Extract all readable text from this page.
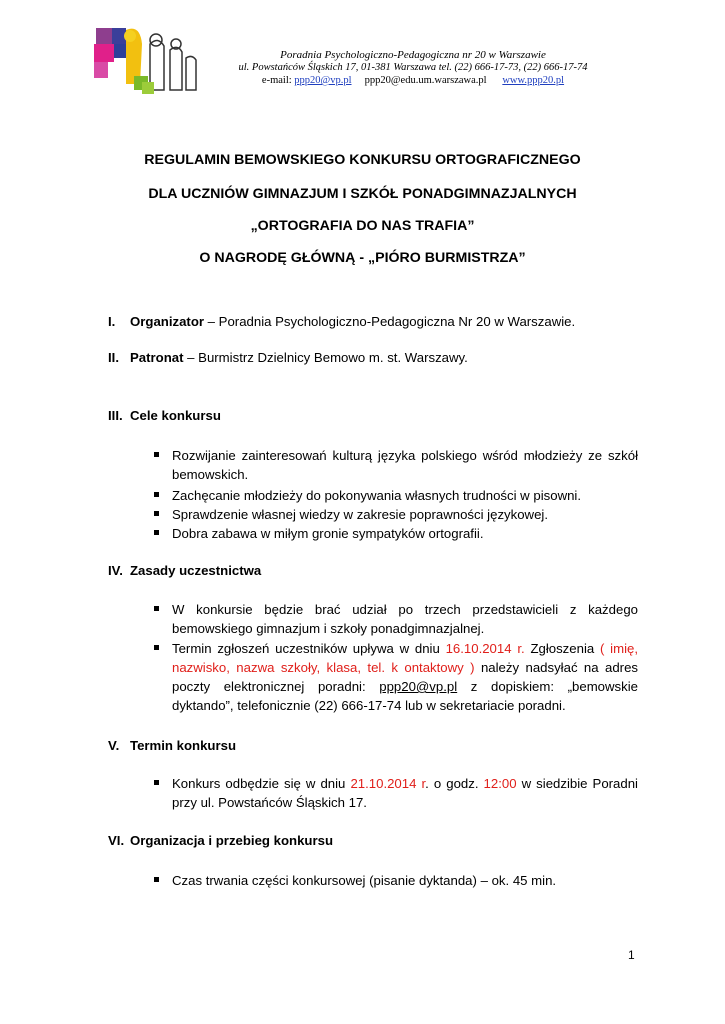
Poradnia Psychologiczno-Pedagogiczna nr 20 w Warszawie
ul. Powstańców Śląskich 17, 01-381 Warszawa tel. (22) 666-17-73, (22) 666-17-74
e-mail: ppp20@vp.pl ppp20@edu.um.warszawa.pl www.ppp20.pl
REGULAMIN BEMOWSKIEGO KONKURSU ORTOGRAFICZNEGO
DLA UCZNIÓW GIMNAZJUM I SZKÓŁ PONADGIMNAZJALNYCH
„ORTOGRAFIA DO NAS TRAFIA”
O NAGRODĘ GŁÓWNĄ - „PIÓRO BURMISTRZA”
I. Organizator – Poradnia Psychologiczno-Pedagogiczna Nr 20 w Warszawie.
II. Patronat – Burmistrz Dzielnicy Bemowo m. st. Warszawy.
III. Cele konkursu
Rozwijanie zainteresowań kulturą języka polskiego wśród młodzieży ze szkół bemowskich.
Zachęcanie młodzieży do pokonywania własnych trudności w pisowni.
Sprawdzenie własnej wiedzy w zakresie poprawności językowej.
Dobra zabawa w miłym gronie sympatyków ortografii.
IV. Zasady uczestnictwa
W konkursie będzie brać udział po trzech przedstawicieli z każdego bemowskiego gimnazjum i szkoły ponadgimnazjalnej.
Termin zgłoszeń uczestników upływa w dniu 16.10.2014 r. Zgłoszenia ( imię, nazwisko, nazwa szkoły, klasa, tel. k ontaktowy ) należy nadsyłać na adres poczty elektronicznej poradni: ppp20@vp.pl z dopiskiem: „bemowskie dyktando”, telefonicznie (22) 666-17-74 lub w sekretariacie poradni.
V. Termin konkursu
Konkurs odbędzie się w dniu 21.10.2014 r. o godz. 12:00 w siedzibie Poradni przy ul. Powstańców Śląskich 17.
VI. Organizacja i przebieg konkursu
Czas trwania części konkursowej (pisanie dyktanda) – ok. 45 min.
1
